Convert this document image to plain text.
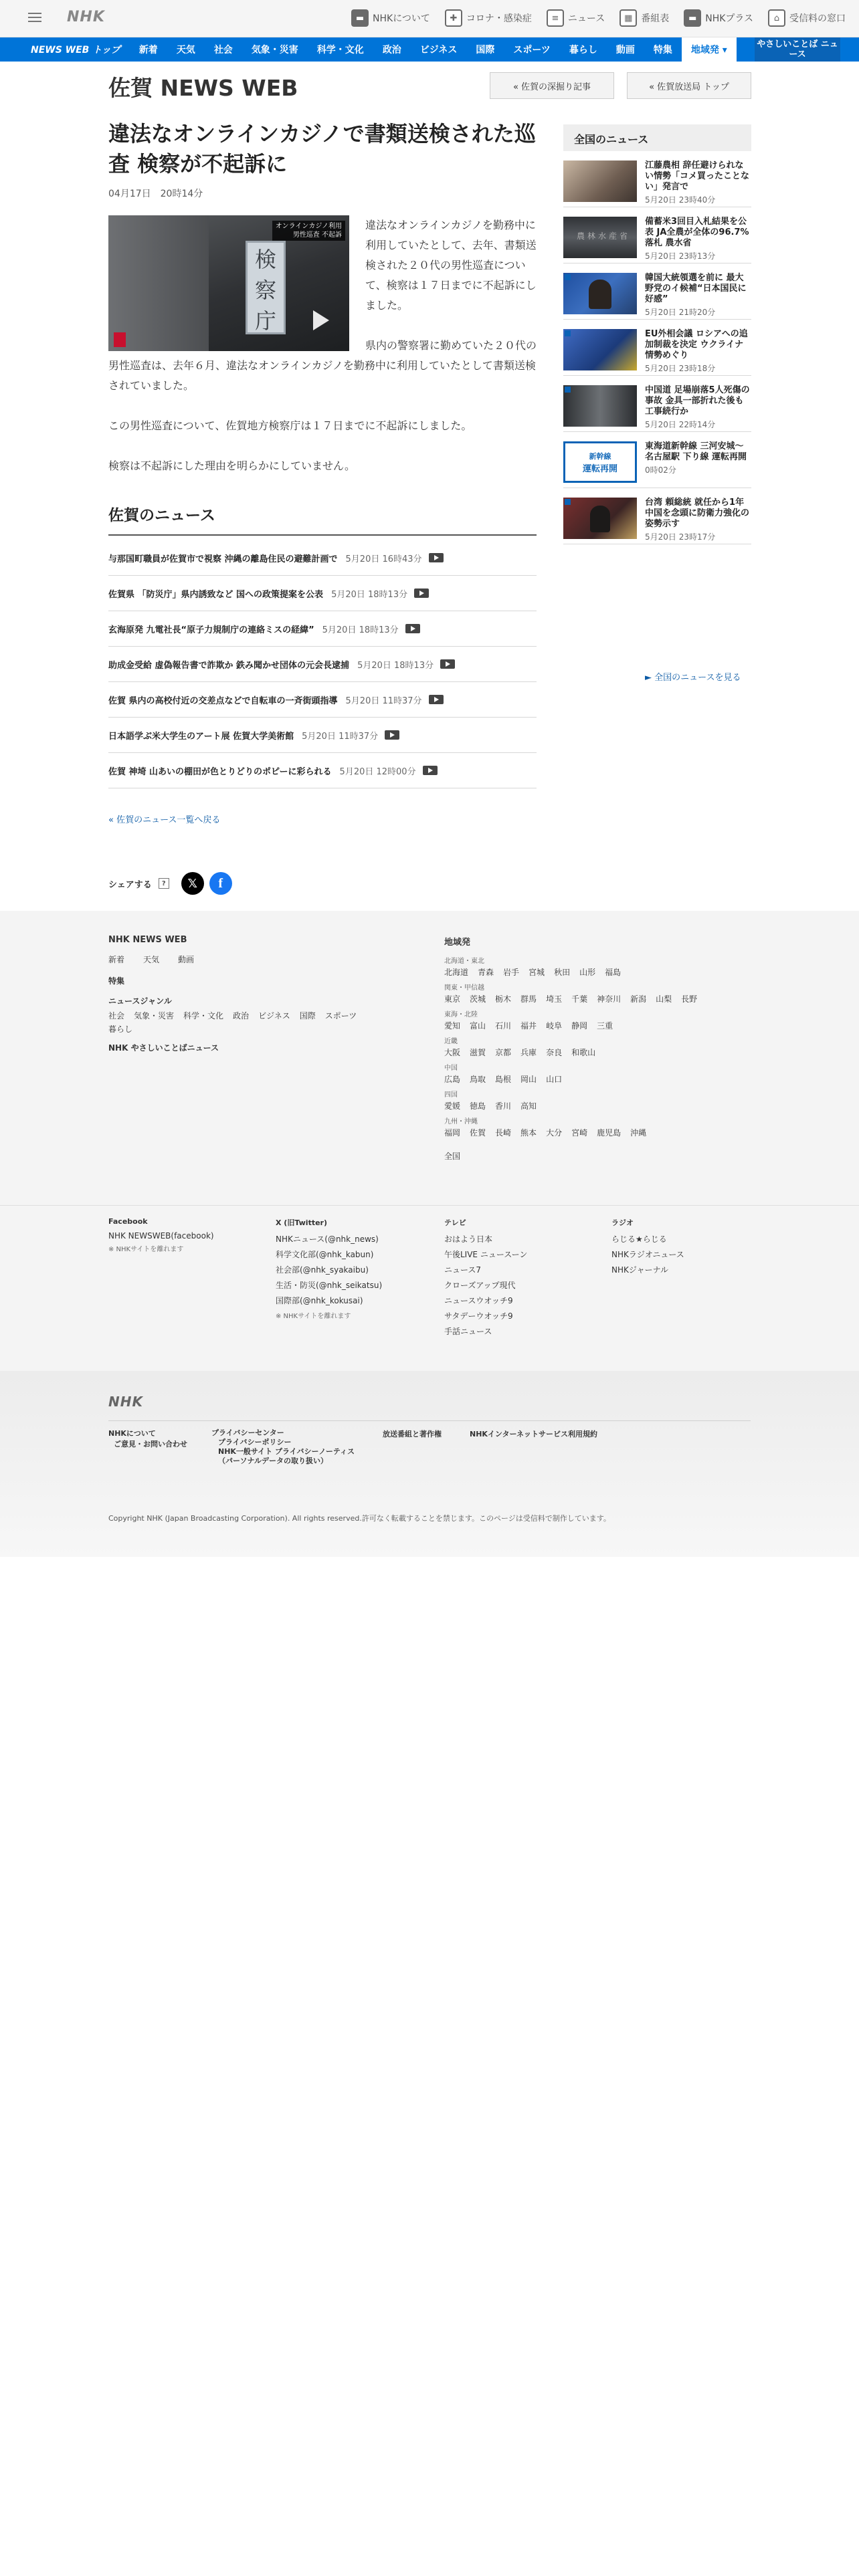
NHK	▬ NHKについて	✚ コロナ・感染症	≡ ニュース	▦ 番組表	▬ NHKプラス	⌂	受信料の窓口
NEWS WEB トップ	新着	天気	社会	気象・災害	科学・文化	政治	ビジネス	国際	スポーツ	暮らし	動画	特集	地域発 ▾
やさしいことば ニュース
佐賀 NEWS WEB	« 佐賀の深掘り記事	« 佐賀放送局 トップ
違法なオンラインカジノで書類送検された巡査 検察が不起訴に
04月17日 20時14分

違法なオンラインカジノを勤務中に利用していたとして、去年、書類送検された２０代の男性巡査について、検察は１７日までに不起訴にしました。

県内の警察署に勤めていた２０代の男性巡査は、去年６月、違法なオンラインカジノを勤務中に利用していたとして書類送検されていました。

この男性巡査について、佐賀地方検察庁は１７日までに不起訴にしました。

検察は不起訴にした理由を明らかにしていません。

検
察
庁
オンラインカジノ利用
男性巡査 不起訴
佐賀のニュース
与那国町職員が佐賀市で視察 沖縄の離島住民の避難計画で 5月20日 16時43分
佐賀県 「防災庁」県内誘致など 国への政策提案を公表 5月20日 18時13分
玄海原発 九電社長“原子力規制庁の連絡ミスの経緯” 5月20日 18時13分
助成金受給 虚偽報告書で詐欺か 鉄み聞かせ団体の元会長逮捕 5月20日 18時13分
佐賀 県内の高校付近の交差点などで自転車の一斉街頭指導 5月20日 11時37分
日本語学ぶ米大学生のアート展 佐賀大学美術館 5月20日 11時37分
佐賀 神埼 山あいの棚田が色とりどりのポピーに彩られる 5月20日 12時00分
« 佐賀のニュース一覧へ戻る
シェアする	?	𝕏	f
全国のニュース
江藤農相 辞任避けられない情勢「コメ買ったことない」発言で
5月20日 23時40分
農林水産省
備蓄米3回目入札結果を公表 JA全農が全体の96.7%落札 農水省
5月20日 23時13分
韓国大統領選を前に 最大野党のイ候補“日本国民に好感”
5月20日 21時20分
EU外相会議 ロシアへの追加制裁を決定 ウクライナ情勢めぐり
5月20日 23時18分
中国道 足場崩落5人死傷の事故 金具一部折れた後も工事続行か
5月20日 22時14分
新幹線
運転再開
東海道新幹線 三河安城〜名古屋駅 下り線 運転再開
0時02分
台湾 頼総統 就任から1年 中国を念頭に防衛力強化の姿勢示す
5月20日 23時17分
► 全国のニュースを見る
NHK NEWS WEB
新着 天気 動画
特集
ニュースジャンル
社会 気象・災害 科学・文化 政治 ビジネス 国際 スポーツ
暮らし
NHK やさしいことばニュース
地域発
北海道・東北
北海道 青森 岩手 宮城 秋田 山形 福島
関東・甲信越
東京 茨城 栃木 群馬 埼玉 千葉 神奈川 新潟 山梨 長野
東海・北陸
愛知 富山 石川 福井 岐阜 静岡 三重
近畿
大阪 滋賀 京都 兵庫 奈良 和歌山
中国
広島 鳥取 島根 岡山 山口
四国
愛媛 徳島 香川 高知
九州・沖縄
福岡 佐賀 長崎 熊本 大分 宮崎 鹿児島 沖縄
全国
Facebook
NHK NEWSWEB(facebook)
※ NHKサイトを離れます
X (旧Twitter)
NHKニュース(@nhk_news)
科学文化部(@nhk_kabun)
社会部(@nhk_syakaibu)
生活・防災(@nhk_seikatsu)
国際部(@nhk_kokusai)
※ NHKサイトを離れます
テレビ
おはよう日本
午後LIVE ニュースーン
ニュース7
クローズアップ現代
ニュースウオッチ9
サタデーウオッチ9
手話ニュース
ラジオ
らじる★らじる
NHKラジオニュース
NHKジャーナル
NHK
NHKについて
ご意見・お問い合わせ
プライバシーセンター
プライバシーポリシー
NHK一般サイト プライバシーノーティス
（パーソナルデータの取り扱い）
放送番組と著作権	NHKインターネットサービス利用規約
Copyright NHK (Japan Broadcasting Corporation). All rights reserved.許可なく転載することを禁じます。このページは受信料で制作しています。
